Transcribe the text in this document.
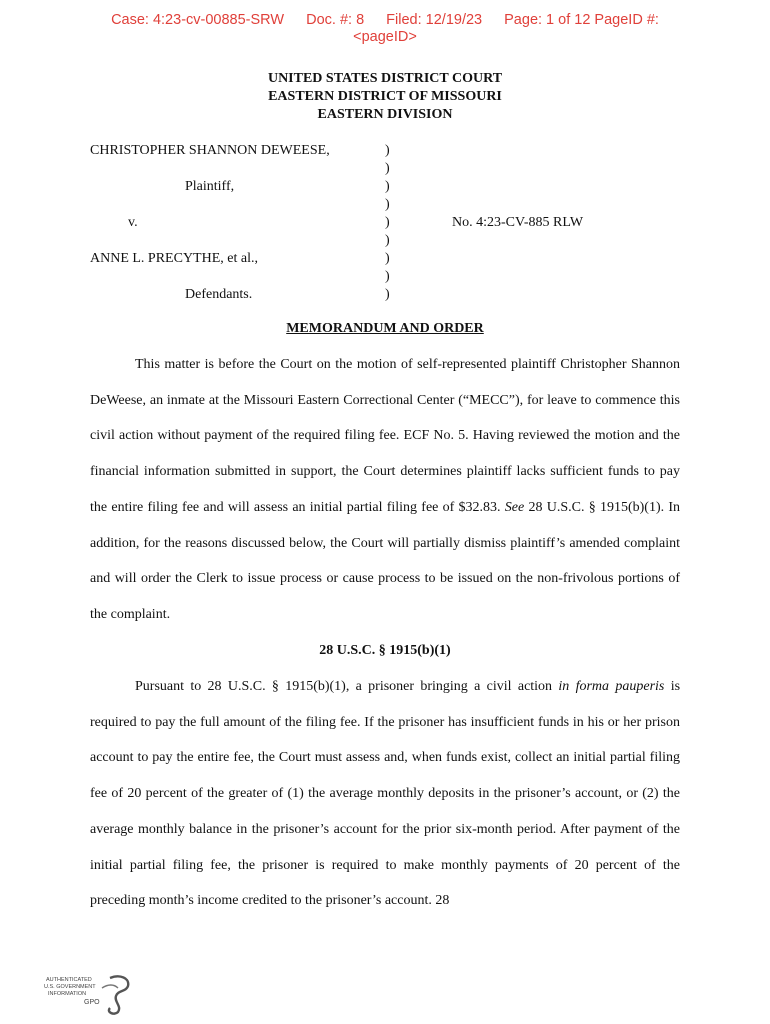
Case: 4:23-cv-00885-SRW Doc. #: 8 Filed: 12/19/23 Page: 1 of 12 PageID #:
<pageID>
UNITED STATES DISTRICT COURT
EASTERN DISTRICT OF MISSOURI
EASTERN DIVISION
CHRISTOPHER SHANNON DEWEESE,
Plaintiff,
v.	No. 4:23-CV-885 RLW
ANNE L. PRECYTHE, et al.,
Defendants.
)
)
)
)
)
)
)
)
)
MEMORANDUM AND ORDER

This matter is before the Court on the motion of self-represented plaintiff Christopher Shannon DeWeese, an inmate at the Missouri Eastern Correctional Center (“MECC”), for leave to commence this civil action without payment of the required filing fee. ECF No. 5. Having reviewed the motion and the financial information submitted in support, the Court determines plaintiff lacks sufficient funds to pay the entire filing fee and will assess an initial partial filing fee of $32.83. See 28 U.S.C. § 1915(b)(1). In addition, for the reasons discussed below, the Court will partially dismiss plaintiff’s amended complaint and will order the Clerk to issue process or cause process to be issued on the non-frivolous portions of the complaint.

28 U.S.C. § 1915(b)(1)

Pursuant to 28 U.S.C. § 1915(b)(1), a prisoner bringing a civil action in forma pauperis is required to pay the full amount of the filing fee. If the prisoner has insufficient funds in his or her prison account to pay the entire fee, the Court must assess and, when funds exist, collect an initial partial filing fee of 20 percent of the greater of (1) the average monthly deposits in the prisoner’s account, or (2) the average monthly balance in the prisoner’s account for the prior six-month period. After payment of the initial partial filing fee, the prisoner is required to make monthly payments of 20 percent of the preceding month’s income credited to the prisoner’s account. 28

AUTHENTICATED
U.S. GOVERNMENT
INFORMATION
GPO
